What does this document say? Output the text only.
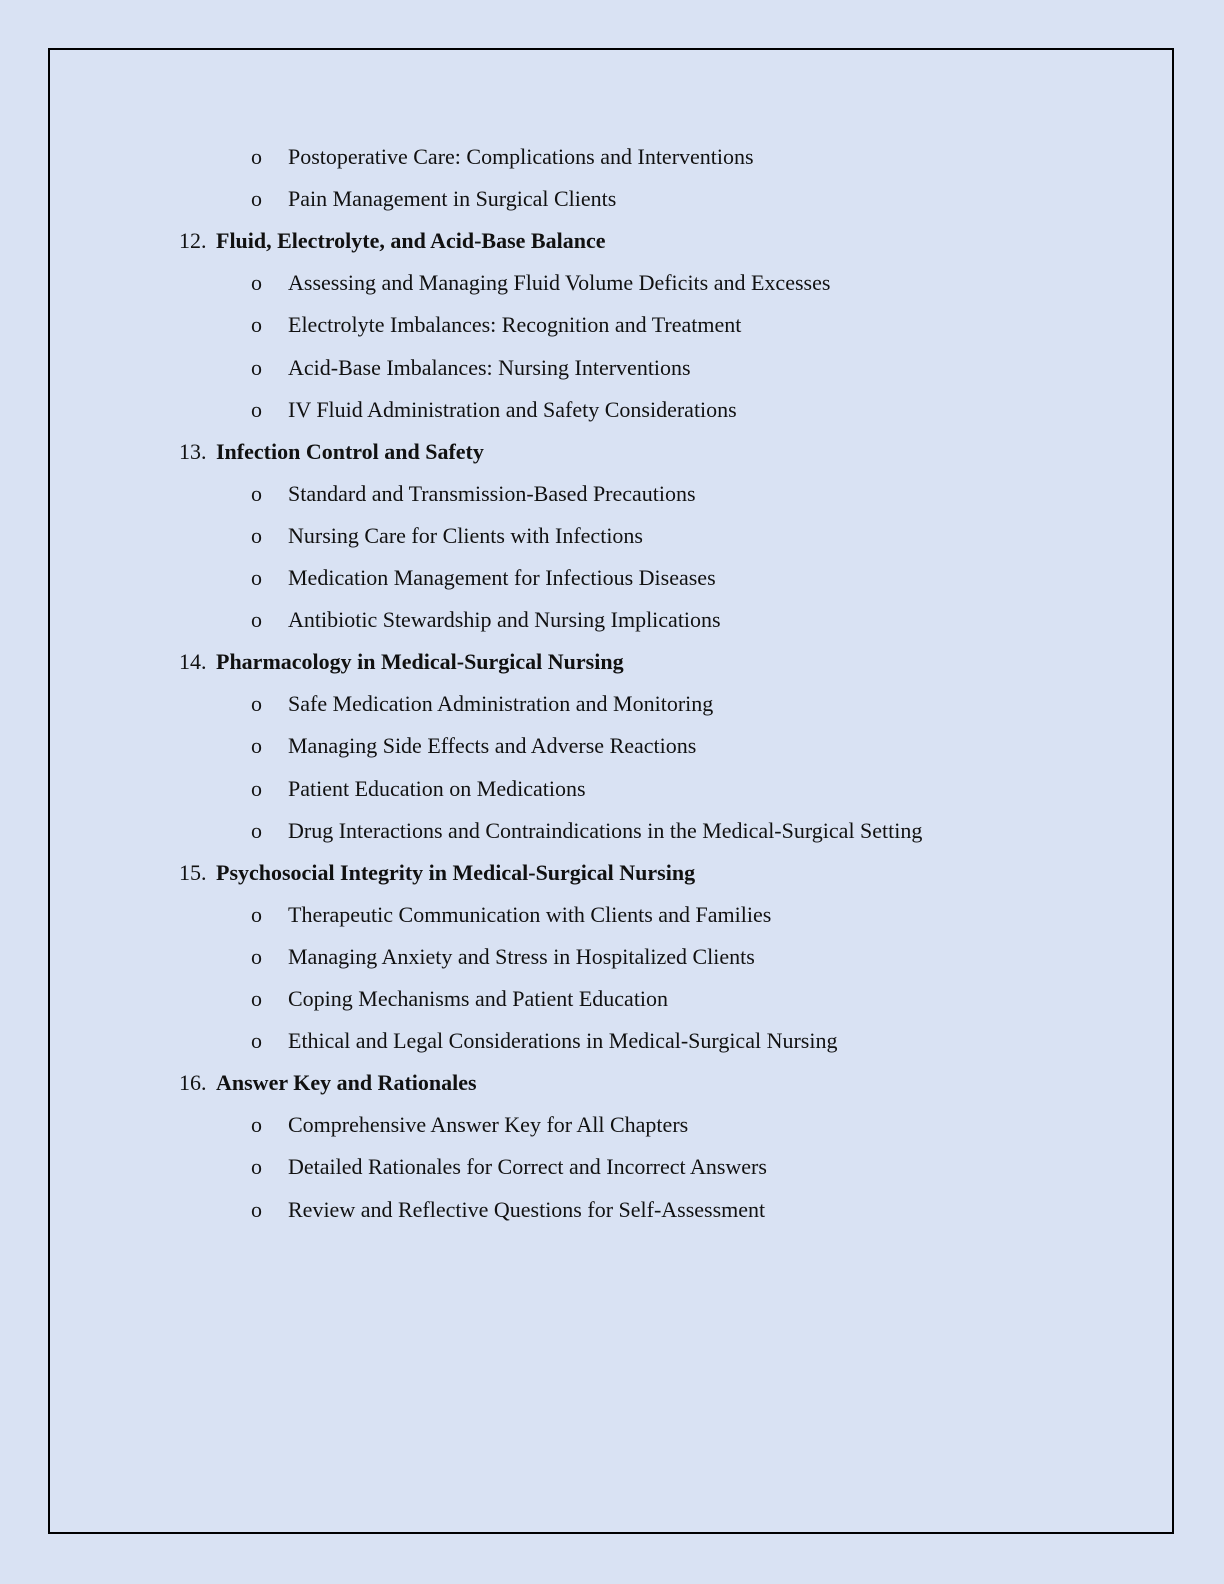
o Postoperative Care: Complications and Interventions
o Pain Management in Surgical Clients
12. Fluid, Electrolyte, and Acid-Base Balance
o Assessing and Managing Fluid Volume Deficits and Excesses
o Electrolyte Imbalances: Recognition and Treatment
o Acid-Base Imbalances: Nursing Interventions
o IV Fluid Administration and Safety Considerations
13. Infection Control and Safety
o Standard and Transmission-Based Precautions
o Nursing Care for Clients with Infections
o Medication Management for Infectious Diseases
o Antibiotic Stewardship and Nursing Implications
14. Pharmacology in Medical-Surgical Nursing
o Safe Medication Administration and Monitoring
o Managing Side Effects and Adverse Reactions
o Patient Education on Medications
o Drug Interactions and Contraindications in the Medical-Surgical Setting
15. Psychosocial Integrity in Medical-Surgical Nursing
o Therapeutic Communication with Clients and Families
o Managing Anxiety and Stress in Hospitalized Clients
o Coping Mechanisms and Patient Education
o Ethical and Legal Considerations in Medical-Surgical Nursing
16. Answer Key and Rationales
o Comprehensive Answer Key for All Chapters
o Detailed Rationales for Correct and Incorrect Answers
o Review and Reflective Questions for Self-Assessment
